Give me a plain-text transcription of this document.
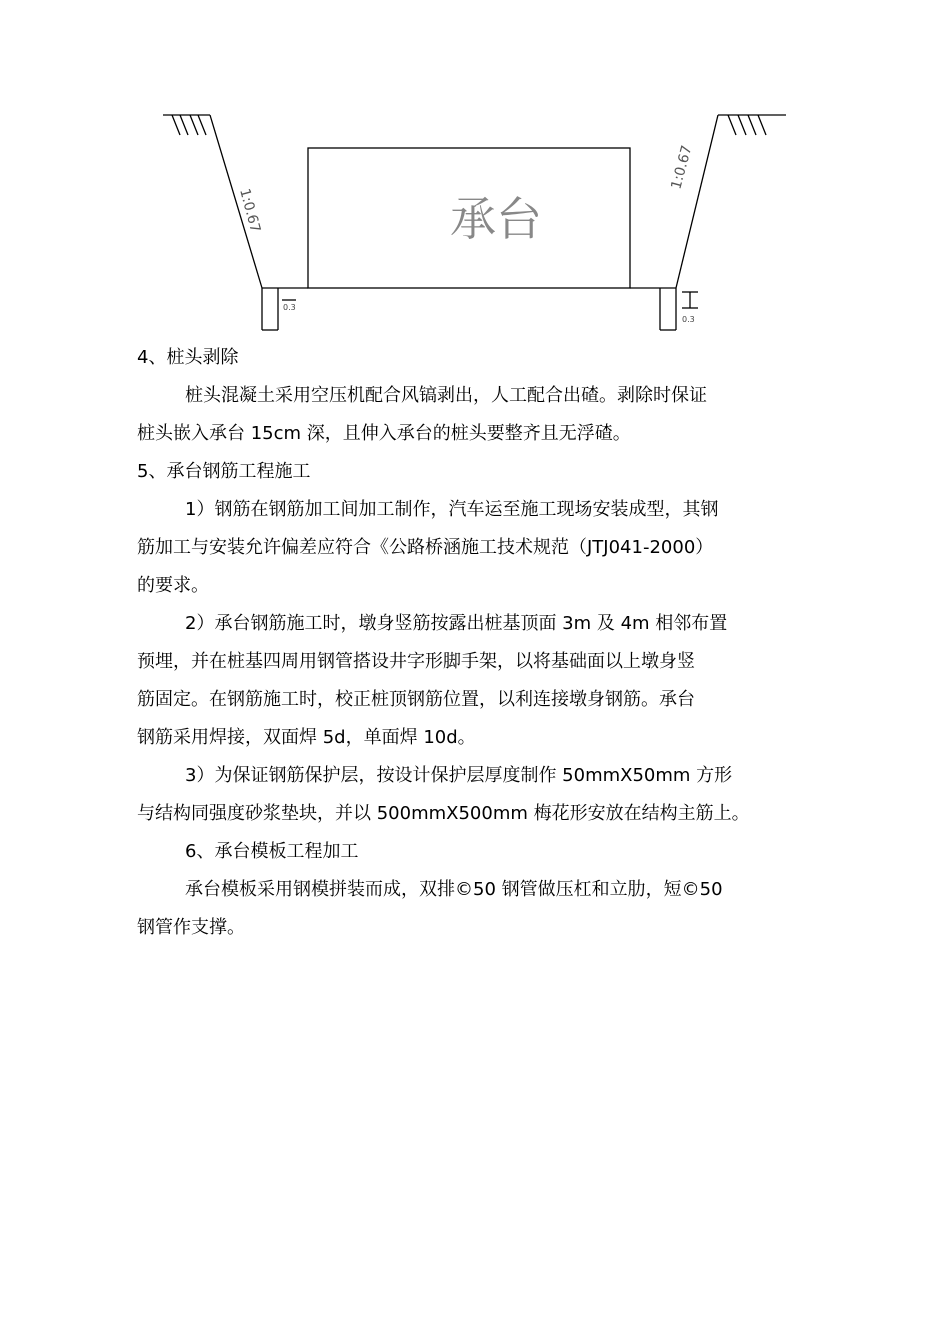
1:0.67
1:0.67
承台
0.3
0.3

4、桩头剥除

桩头混凝土采用空压机配合风镐剥出，人工配合出碴。剥除时保证

桩头嵌入承台 15cm 深，且伸入承台的桩头要整齐且无浮碴。

5、承台钢筋工程施工

1）钢筋在钢筋加工间加工制作，汽车运至施工现场安装成型，其钢

筋加工与安装允许偏差应符合《公路桥涵施工技术规范（JTJ041-2000）

的要求。

2）承台钢筋施工时，墩身竖筋按露出桩基顶面 3m 及 4m 相邻布置

预埋，并在桩基四周用钢管搭设井字形脚手架，以将基础面以上墩身竖

筋固定。在钢筋施工时，校正桩顶钢筋位置，以利连接墩身钢筋。承台

钢筋采用焊接，双面焊 5d，单面焊 10d。

3）为保证钢筋保护层，按设计保护层厚度制作 50mmX50mm 方形

与结构同强度砂浆垫块，并以 500mmX500mm 梅花形安放在结构主筋上。

6、承台模板工程加工

承台模板采用钢模拼装而成，双排©50 钢管做压杠和立肋，短©50

钢管作支撑。
